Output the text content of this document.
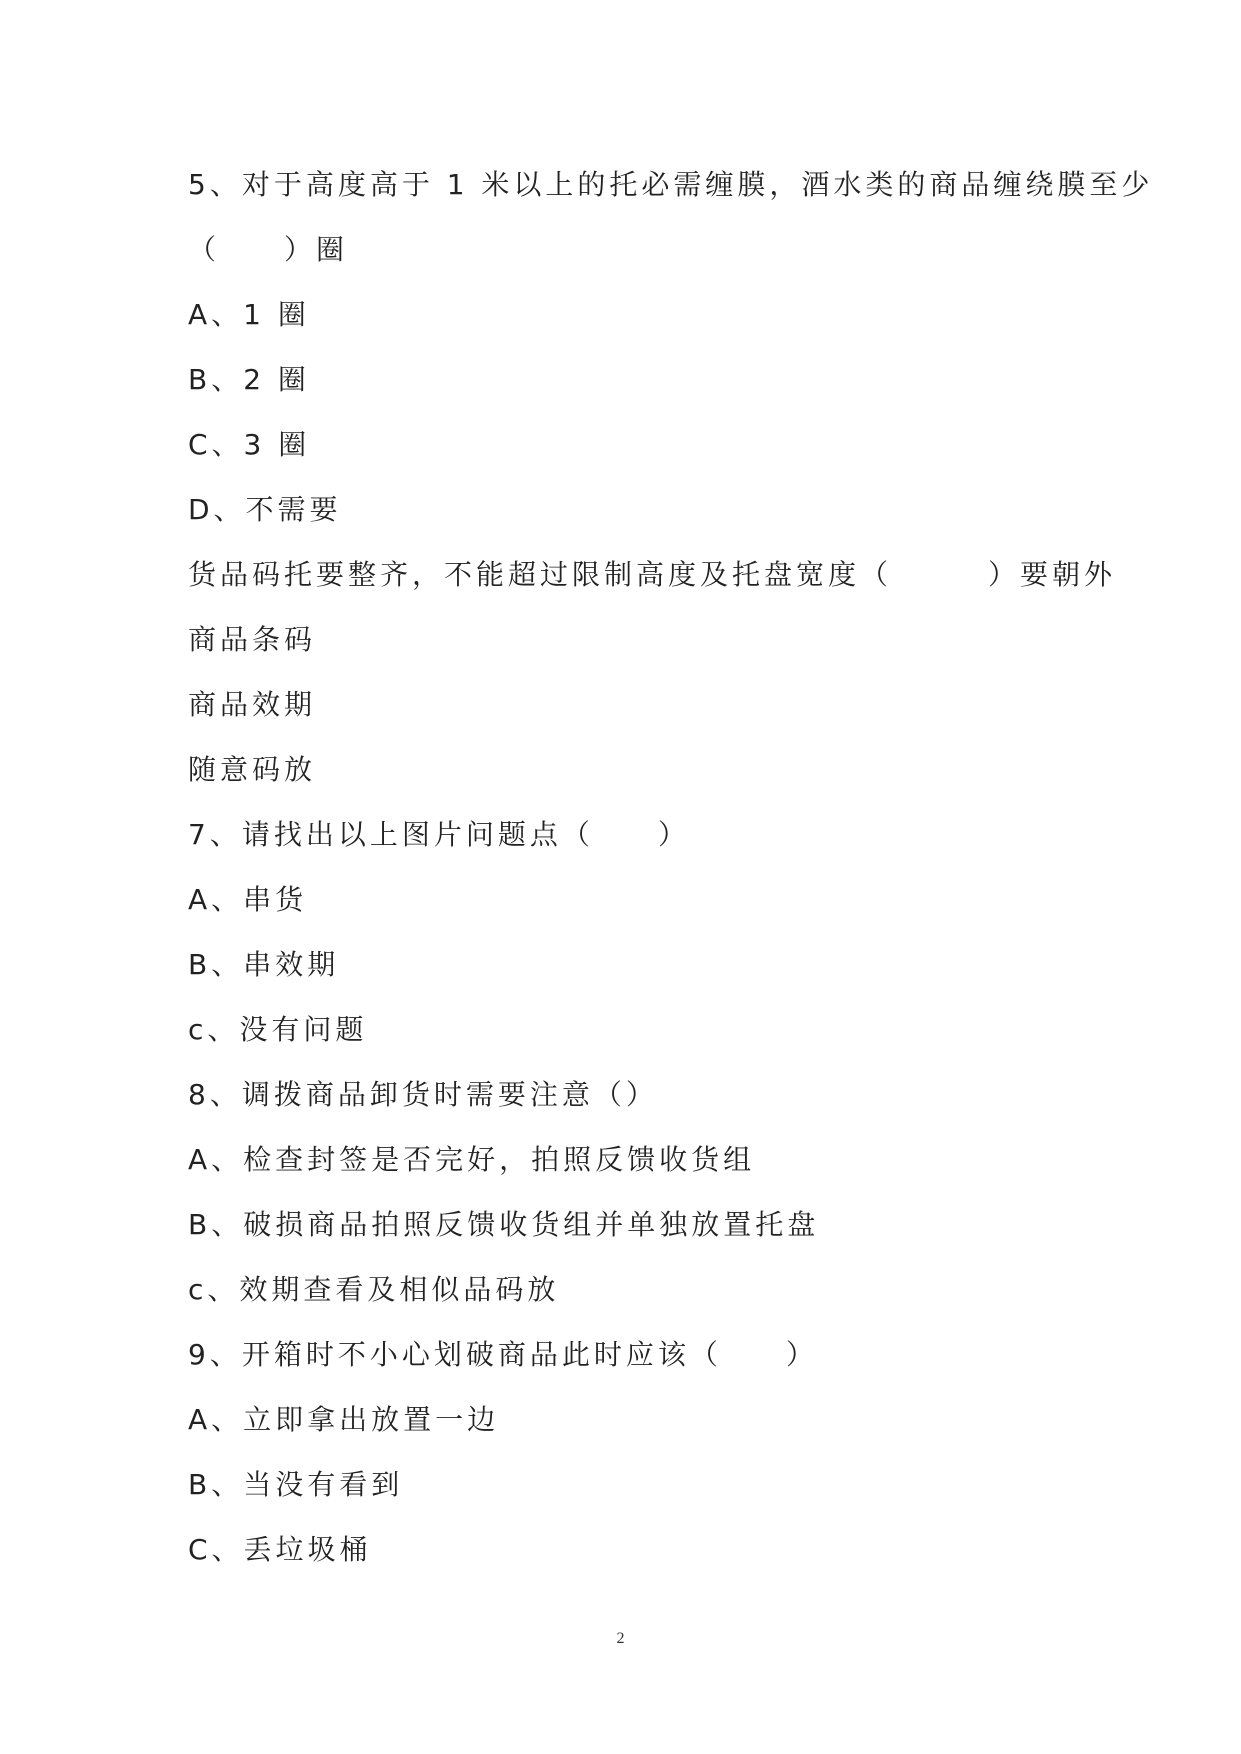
5、对于高度高于 1 米以上的托必需缠膜，酒水类的商品缠绕膜至少
（　　）圈
A、1 圈
B、2 圈
C、3 圈
D、不需要
货品码托要整齐，不能超过限制高度及托盘宽度（　　　）要朝外
商品条码
商品效期
随意码放
7、请找出以上图片问题点（　　）
A、串货
B、串效期
c、没有问题
8、调拨商品卸货时需要注意（）
A、检查封签是否完好，拍照反馈收货组
B、破损商品拍照反馈收货组并单独放置托盘
c、效期查看及相似品码放
9、开箱时不小心划破商品此时应该（　　）
A、立即拿出放置一边
B、当没有看到
C、丢垃圾桶
2
